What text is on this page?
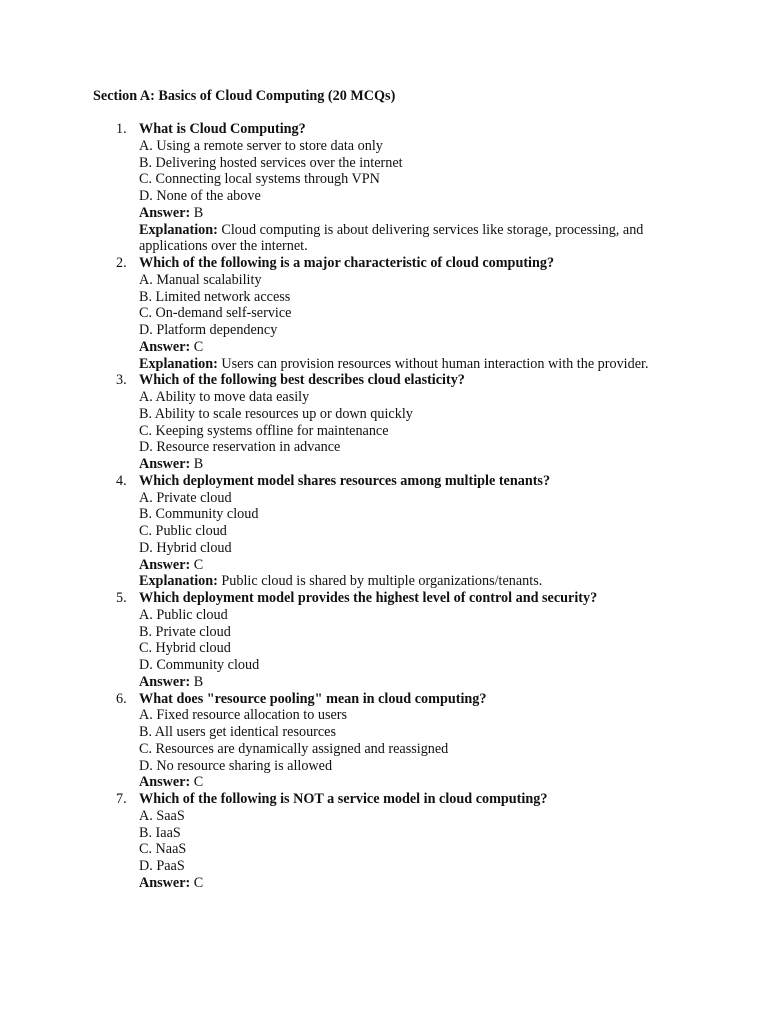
Section A: Basics of Cloud Computing (20 MCQs)
1. What is Cloud Computing?
A. Using a remote server to store data only
B. Delivering hosted services over the internet
C. Connecting local systems through VPN
D. None of the above
Answer: B
Explanation: Cloud computing is about delivering services like storage, processing, and applications over the internet.
2. Which of the following is a major characteristic of cloud computing?
A. Manual scalability
B. Limited network access
C. On-demand self-service
D. Platform dependency
Answer: C
Explanation: Users can provision resources without human interaction with the provider.
3. Which of the following best describes cloud elasticity?
A. Ability to move data easily
B. Ability to scale resources up or down quickly
C. Keeping systems offline for maintenance
D. Resource reservation in advance
Answer: B
4. Which deployment model shares resources among multiple tenants?
A. Private cloud
B. Community cloud
C. Public cloud
D. Hybrid cloud
Answer: C
Explanation: Public cloud is shared by multiple organizations/tenants.
5. Which deployment model provides the highest level of control and security?
A. Public cloud
B. Private cloud
C. Hybrid cloud
D. Community cloud
Answer: B
6. What does "resource pooling" mean in cloud computing?
A. Fixed resource allocation to users
B. All users get identical resources
C. Resources are dynamically assigned and reassigned
D. No resource sharing is allowed
Answer: C
7. Which of the following is NOT a service model in cloud computing?
A. SaaS
B. IaaS
C. NaaS
D. PaaS
Answer: C
